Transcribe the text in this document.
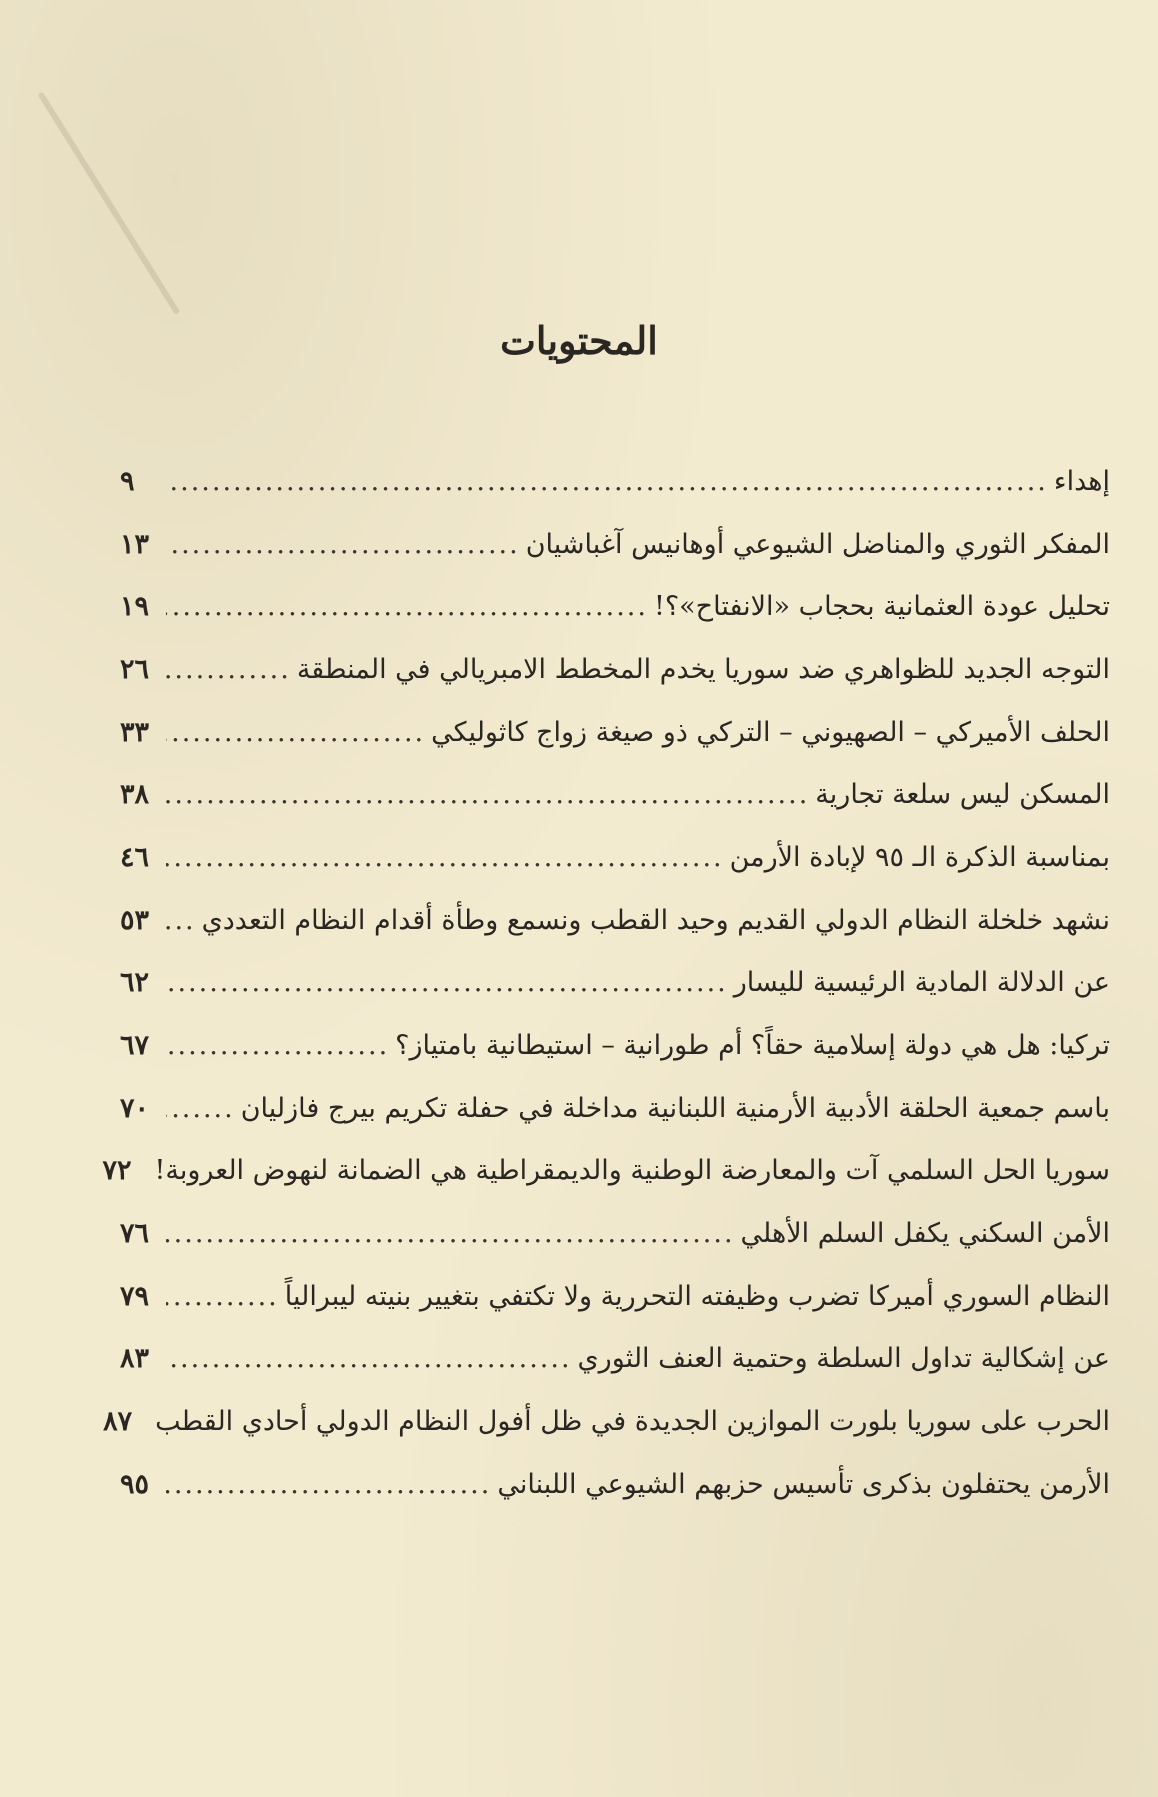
المحتويات
إهداء
.....
٩
المفكر الثوري والمناضل الشيوعي أوهانيس آغباشيان
.....
١٣
تحليل عودة العثمانية بحجاب «الانفتاح»؟!
.....
١٩
التوجه الجديد للظواهري ضد سوريا يخدم المخطط الامبريالي في المنطقة
.....
٢٦
الحلف الأميركي – الصهيوني – التركي ذو صيغة زواج كاثوليكي
.....
٣٣
المسكن ليس سلعة تجارية
.....
٣٨
بمناسبة الذكرة الـ ٩٥ لإبادة الأرمن
.....
٤٦
نشهد خلخلة النظام الدولي القديم وحيد القطب ونسمع وطأة أقدام النظام التعددي
.....
٥٣
عن الدلالة المادية الرئيسية لليسار
.....
٦٢
تركيا: هل هي دولة إسلامية حقاً؟ أم طورانية – استيطانية بامتياز؟
.....
٦٧
باسم جمعية الحلقة الأدبية الأرمنية اللبنانية مداخلة في حفلة تكريم بيرج فازليان
.....
٧٠
سوريا الحل السلمي آت والمعارضة الوطنية والديمقراطية هي الضمانة لنهوض العروبة!
٧٢
الأمن السكني يكفل السلم الأهلي
.....
٧٦
النظام السوري أميركا تضرب وظيفته التحررية ولا تكتفي بتغيير بنيته ليبرالياً
.....
٧٩
عن إشكالية تداول السلطة وحتمية العنف الثوري
.....
٨٣
الحرب على سوريا بلورت الموازين الجديدة في ظل أفول النظام الدولي أحادي القطب
٨٧
الأرمن يحتفلون بذكرى تأسيس حزبهم الشيوعي اللبناني
.....
٩٥
